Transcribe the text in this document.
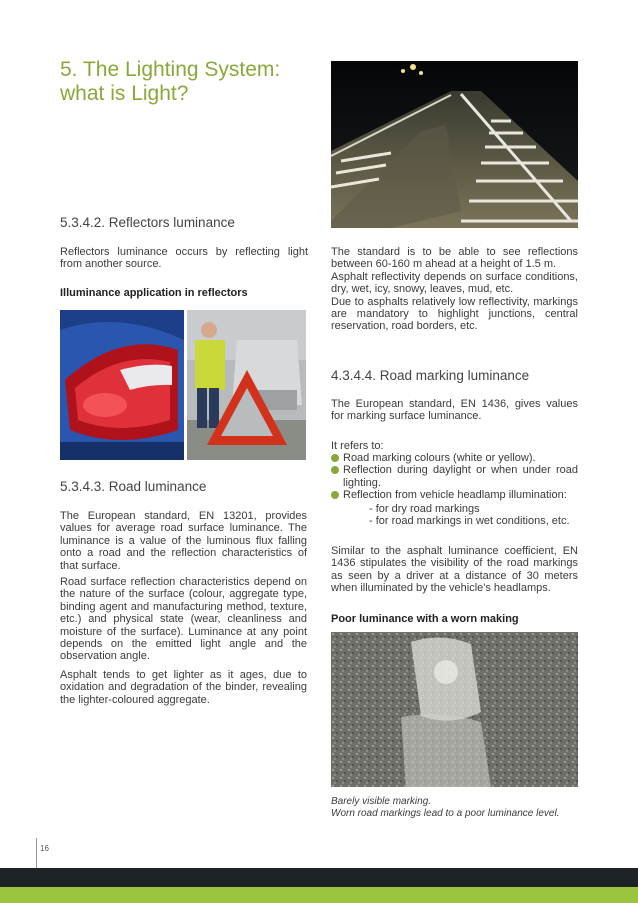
5. The Lighting System:
what is Light?
5.3.4.2. Reflectors luminance

Reflectors luminance occurs by reflecting light from another source.

Illuminance application in reflectors
5.3.4.3. Road luminance

The European standard, EN 13201, provides values for average road surface luminance. The luminance is a value of the luminous flux falling onto a road and the reflection characteristics of that surface.

Road surface reflection characteristics depend on the nature of the surface (colour, aggregate type, binding agent and manufacturing method, texture, etc.) and physical state (wear, cleanliness and moisture of the surface). Luminance at any point depends on the emitted light angle and the observation angle.

Asphalt tends to get lighter as it ages, due to oxidation and degradation of the binder, revealing the lighter-coloured aggregate.

The standard is to be able to see reflections between 60-160 m ahead at a height of 1.5 m.

Asphalt reflectivity depends on surface conditions, dry, wet, icy, snowy, leaves, mud, etc.

Due to asphalts relatively low reflectivity, markings are mandatory to highlight junctions, central reservation, road borders, etc.

4.3.4.4. Road marking luminance

The European standard, EN 1436, gives values for marking surface luminance.

It refers to:
Road marking colours (white or yellow).
Reflection during daylight or when under road lighting.
Reflection from vehicle headlamp illumination:
- for dry road markings
- for road markings in wet conditions, etc.

Similar to the asphalt luminance coefficient, EN 1436 stipulates the visibility of the road markings as seen by a driver at a distance of 30 meters when illuminated by the vehicle's headlamps.

Poor luminance with a worn making
Barely visible marking.
Worn road markings lead to a poor luminance level.
16
